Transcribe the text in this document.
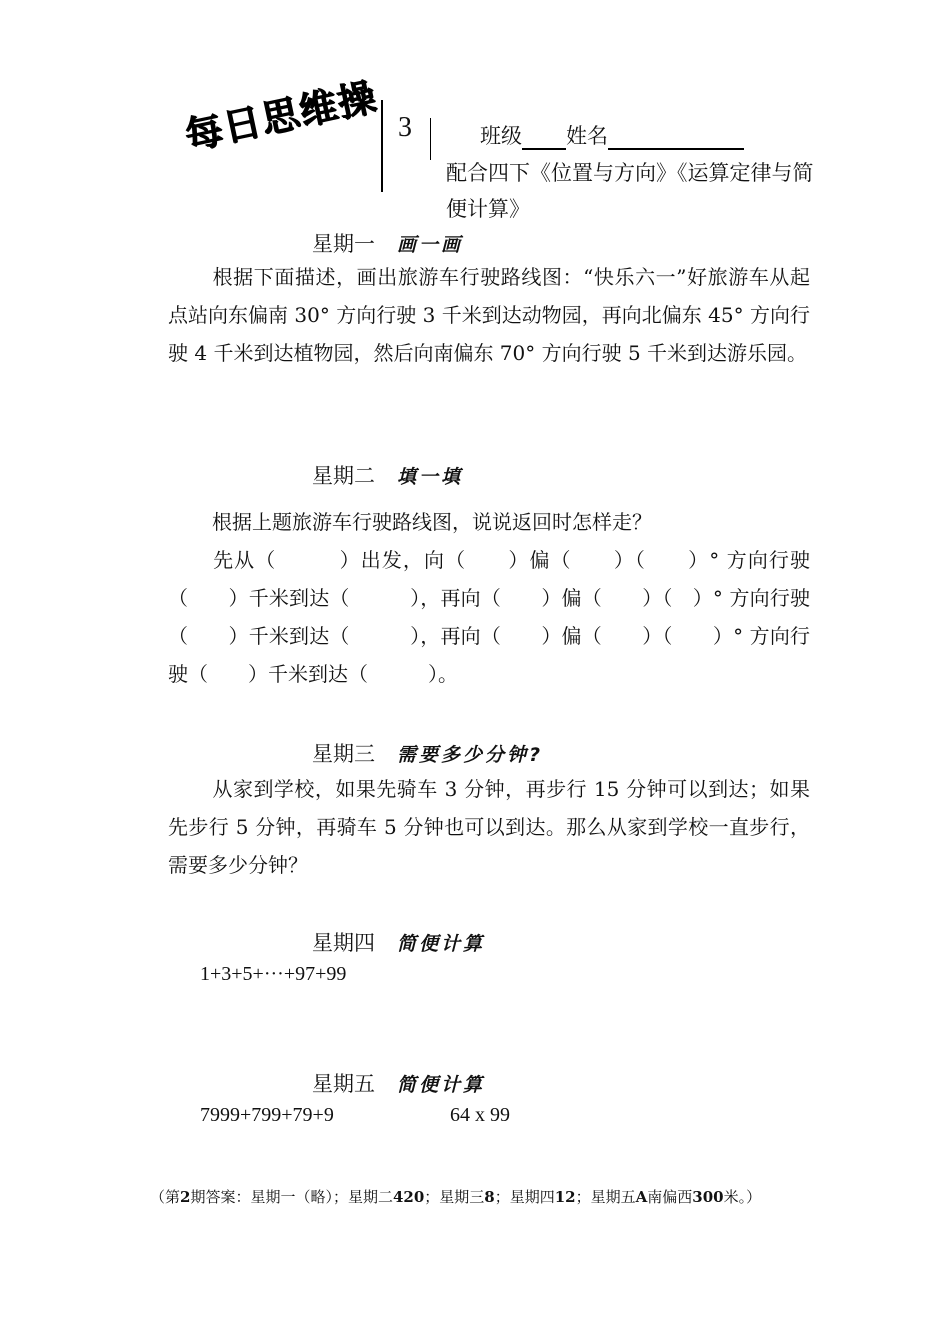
每日思维操 3	班级 姓名
配合四下《位置与方向》《运算定律与简便计算》
星期一 画一画
根据下面描述，画出旅游车行驶路线图：“快乐六一”好旅游车从起点站向东偏南 30° 方向行驶 3 千米到达动物园，再向北偏东 45° 方向行驶 4 千米到达植物园，然后向南偏东 70° 方向行驶 5 千米到达游乐园。
星期二 填一填
根据上题旅游车行驶路线图，说说返回时怎样走？
先从（　　　）出发，向（　　）偏（　　）（　　）° 方向行驶（　　）千米到达（　　　），再向（　　）偏（　　）（　）° 方向行驶（　　）千米到达（　　　），再向（　　）偏（　　）（　　）° 方向行驶（　　）千米到达（　　　）。
星期三 需要多少分钟?
从家到学校，如果先骑车 3 分钟，再步行 15 分钟可以到达；如果先步行 5 分钟，再骑车 5 分钟也可以到达。那么从家到学校一直步行，需要多少分钟？
星期四 简便计算
1+3+5+···+97+99
星期五 简便计算
7999+799+79+9	64 x 99
（第2期答案：星期一（略）；星期二420；星期三8；星期四12；星期五A南偏西300米。）
